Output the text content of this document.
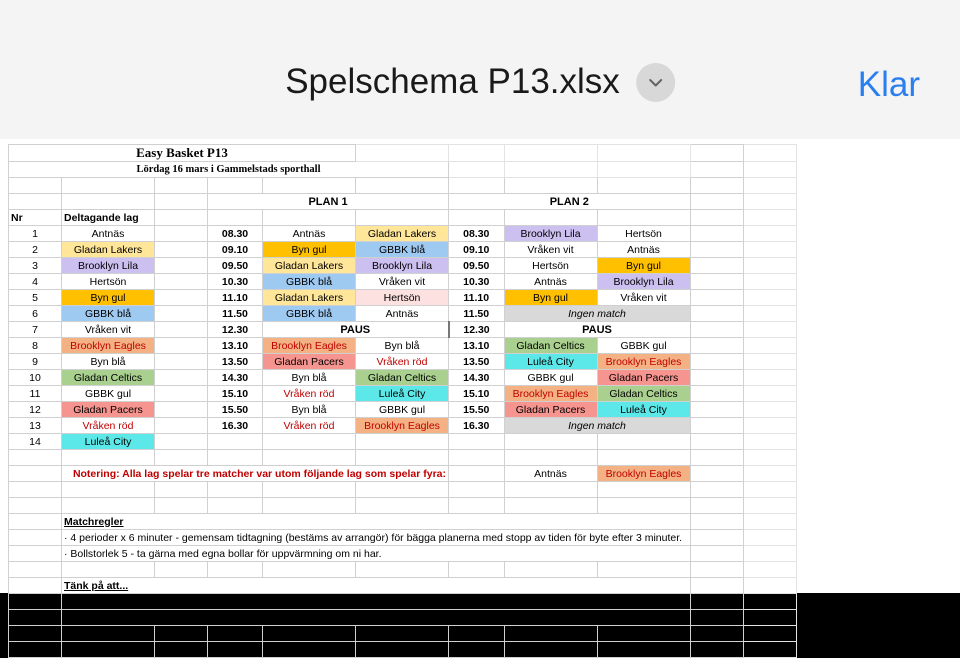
Spelschema P13.xlsx	Klar
Easy Basket P13										
Lördag 16 mars i Gammelstads sporthall										

			PLAN 1			PLAN 2				
Nr	Deltagande lag									
1	Antnäs		08.30	Antnäs	Gladan Lakers	08.30	Brooklyn Lila	Hertsön		
2	Gladan Lakers		09.10	Byn gul	GBBK blå	09.10	Vråken vit	Antnäs		
3	Brooklyn Lila		09.50	Gladan Lakers	Brooklyn Lila	09.50	Hertsön	Byn gul		
4	Hertsön		10.30	GBBK blå	Vråken vit	10.30	Antnäs	Brooklyn Lila		
5	Byn gul		11.10	Gladan Lakers	Hertsön	11.10	Byn gul	Vråken vit		
6	GBBK blå		11.50	GBBK blå	Antnäs	11.50	Ingen match			
7	Vråken vit		12.30	PAUS		12.30	PAUS			
8	Brooklyn Eagles		13.10	Brooklyn Eagles	Byn blå	13.10	Gladan Celtics	GBBK gul		
9	Byn blå		13.50	Gladan Pacers	Vråken röd	13.50	Luleå City	Brooklyn Eagles		
10	Gladan Celtics		14.30	Byn blå	Gladan Celtics	14.30	GBBK gul	Gladan Pacers		
11	GBBK gul		15.10	Vråken röd	Luleå City	15.10	Brooklyn Eagles	Gladan Celtics		
12	Gladan Pacers		15.50	Byn blå	GBBK gul	15.50	Gladan Pacers	Luleå City		
13	Vråken röd		16.30	Vråken röd	Brooklyn Eagles	16.30	Ingen match			
14	Luleå City									

	Notering: Alla lag spelar tre matcher var utom följande lag som spelar fyra:						Antnäs	Brooklyn Eagles		

	Matchregler									
	· 4 perioder x 6 minuter - gemensam tidtagning (bestäms av arrangör) för bägga planerna med stopp av tiden för byte efter 3 minuter.									
	· Bollstorlek 5 - ta gärna med egna bollar för uppvärmning om ni har.									

	Tänk på att...									
	…du som ledare är en förebild. Peppa spelarna, stötta matchledarna och agera med sunt förnuft.									
	…matchledarna ofta är unga och nyutbildade men gör sitt allra bästa.									
